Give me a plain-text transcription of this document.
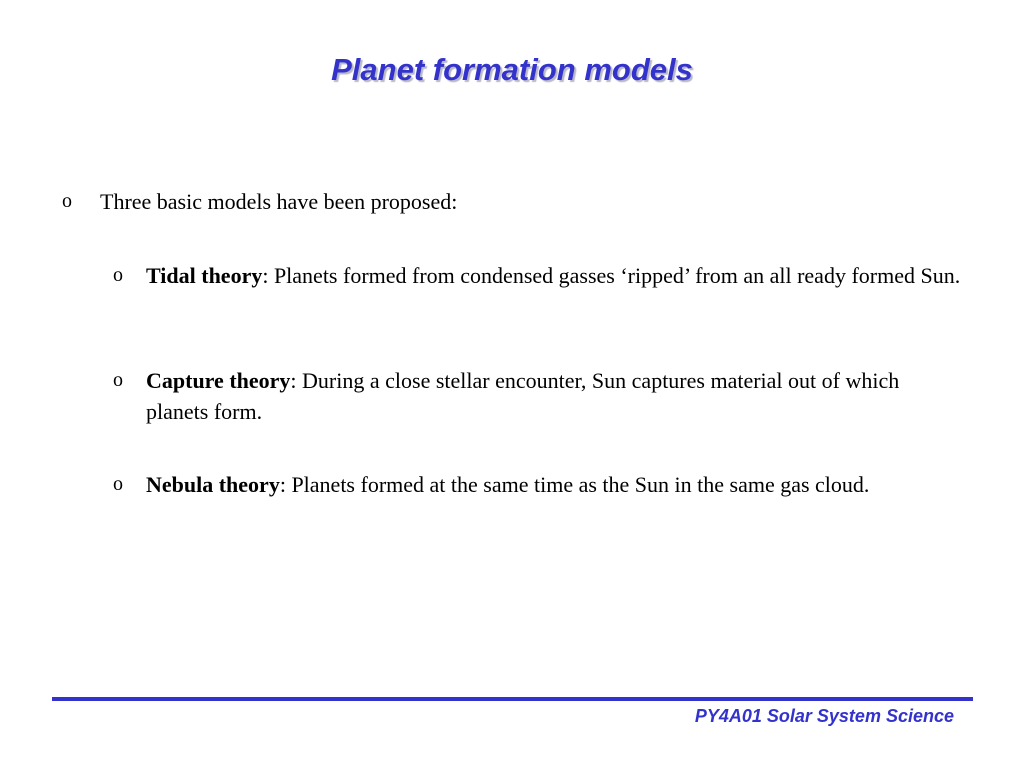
Planet formation models
o Three basic models have been proposed:
o Tidal theory: Planets formed from condensed gasses ‘ripped’ from an all ready formed Sun.
o Capture theory: During a close stellar encounter, Sun captures material out of which planets form.
o Nebula theory: Planets formed at the same time as the Sun in the same gas cloud.
PY4A01 Solar System Science
